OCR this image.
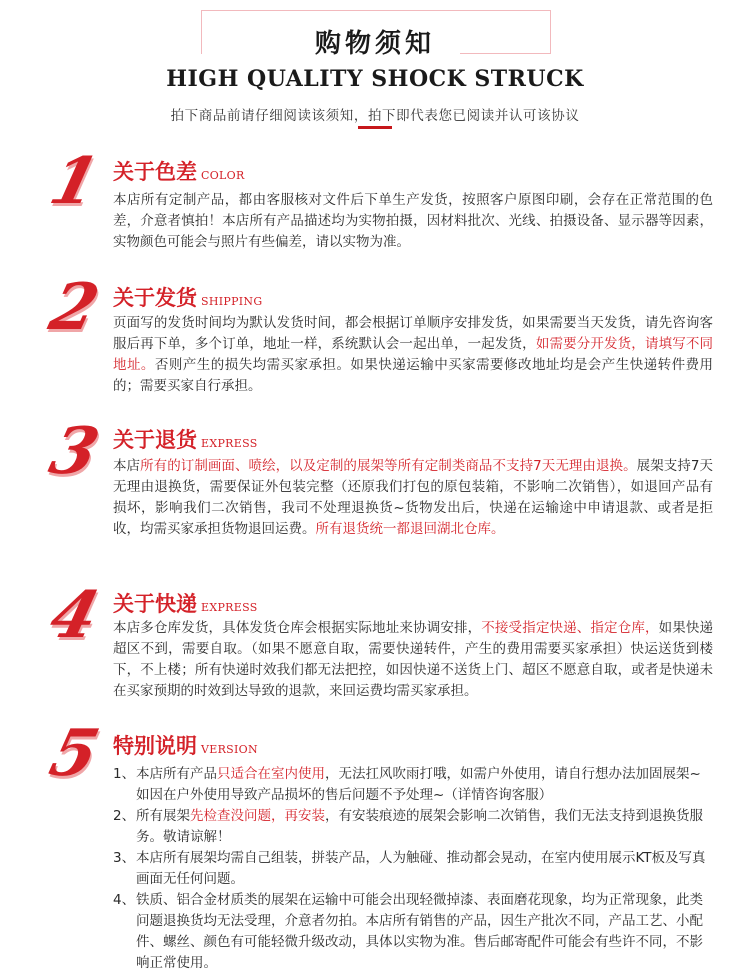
购物须知
HIGH QUALITY SHOCK STRUCK
拍下商品前请仔细阅读该须知，拍下即代表您已阅读并认可该协议
1 关于色差 COLOR
本店所有定制产品，都由客服核对文件后下单生产发货，按照客户原图印刷，会存在正常范围的色差，介意者慎拍！本店所有产品描述均为实物拍摄，因材料批次、光线、拍摄设备、显示器等因素，实物颜色可能会与照片有些偏差，请以实物为准。
2 关于发货 SHIPPING
页面写的发货时间均为默认发货时间，都会根据订单顺序安排发货，如果需要当天发货，请先咨询客服后再下单，多个订单，地址一样，系统默认会一起出单，一起发货，如需要分开发货，请填写不同地址。否则产生的损失均需买家承担。如果快递运输中买家需要修改地址均是会产生快递转件费用的；需要买家自行承担。
3 关于退货 EXPRESS
本店所有的订制画面、喷绘，以及定制的展架等所有定制类商品不支持7天无理由退换。展架支持7天无理由退换货，需要保证外包装完整（还原我们打包的原包装箱，不影响二次销售），如退回产品有损坏，影响我们二次销售，我司不处理退换货~货物发出后，快递在运输途中申请退款、或者是拒收，均需买家承担货物退回运费。所有退货统一都退回湖北仓库。
4 关于快递 EXPRESS
本店多仓库发货，具体发货仓库会根据实际地址来协调安排，不接受指定快递、指定仓库，如果快递超区不到，需要自取。（如果不愿意自取，需要快递转件，产生的费用需要买家承担）快运送货到楼下，不上楼；所有快递时效我们都无法把控，如因快递不送货上门、超区不愿意自取，或者是快递未在买家预期的时效到达导致的退款，来回运费均需买家承担。
5 特别说明 VERSION
1、 本店所有产品只适合在室内使用，无法扛风吹雨打哦，如需户外使用，请自行想办法加固展架~如因在户外使用导致产品损坏的售后问题不予处理~（详情咨询客服）
2、 所有展架先检查没问题，再安装，有安装痕迹的展架会影响二次销售，我们无法支持到退换货服务。敬请谅解！
3、 本店所有展架均需自己组装，拼装产品，人为触碰、推动都会晃动，在室内使用展示KT板及写真画面无任何问题。
4、 铁质、铝合金材质类的展架在运输中可能会出现轻微掉漆、表面磨花现象，均为正常现象，此类问题退换货均无法受理，介意者勿拍。本店所有销售的产品，因生产批次不同，产品工艺、小配件、螺丝、颜色有可能轻微升级改动，具体以实物为准。售后邮寄配件可能会有些许不同，不影响正常使用。
